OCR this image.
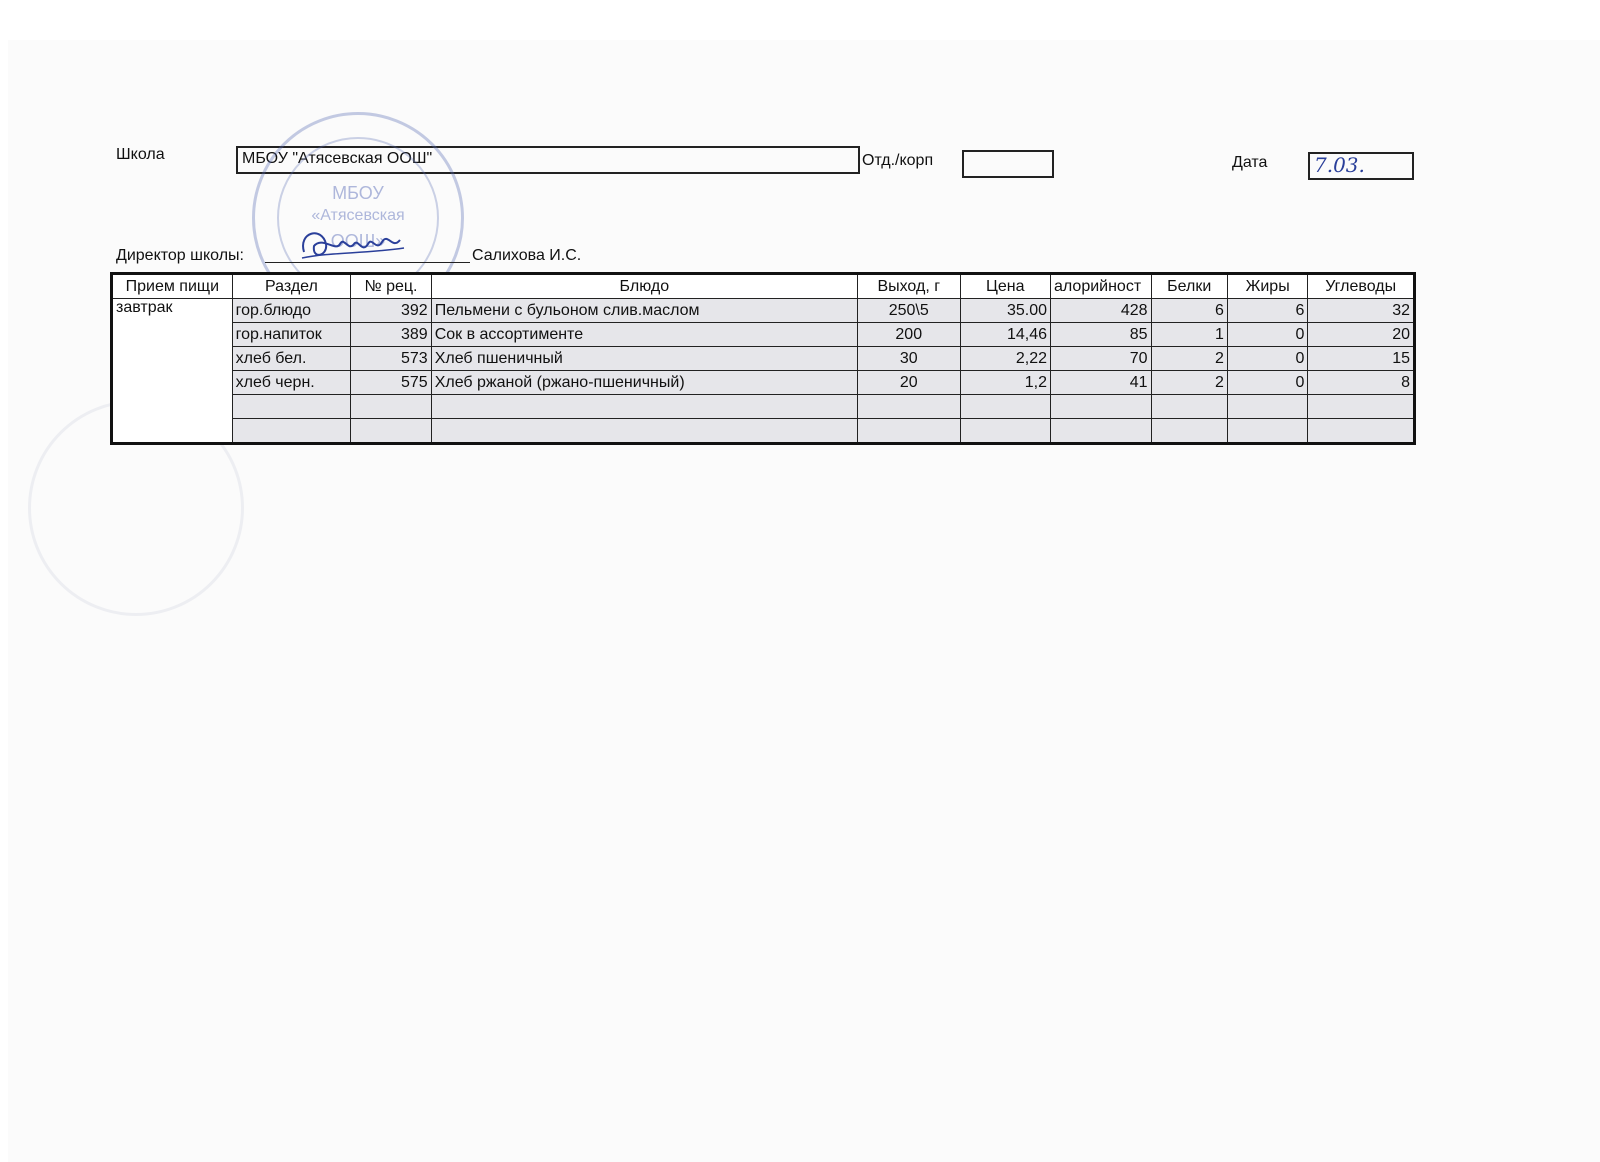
Школа	МБОУ "Атясевская ООШ"	Отд./корп	Дата	7.03.
МБОУ
«Атясевская
ООШ»
Директор школы:	Салихова И.С.
Прием пищи	Раздел	№ рец.	Блюдо	Выход, г	Цена	алорийност	Белки	Жиры	Углеводы
завтрак	гор.блюдо	392	Пельмени с бульоном слив.маслом	250\5	35.00	428	6	6	32
	гор.напиток	389	Сок в ассортименте	200	14,46	85	1	0	20
	хлеб бел.	573	Хлеб пшеничный	30	2,22	70	2	0	15
	хлеб черн.	575	Хлеб ржаной (ржано-пшеничный)	20	1,2	41	2	0	8
